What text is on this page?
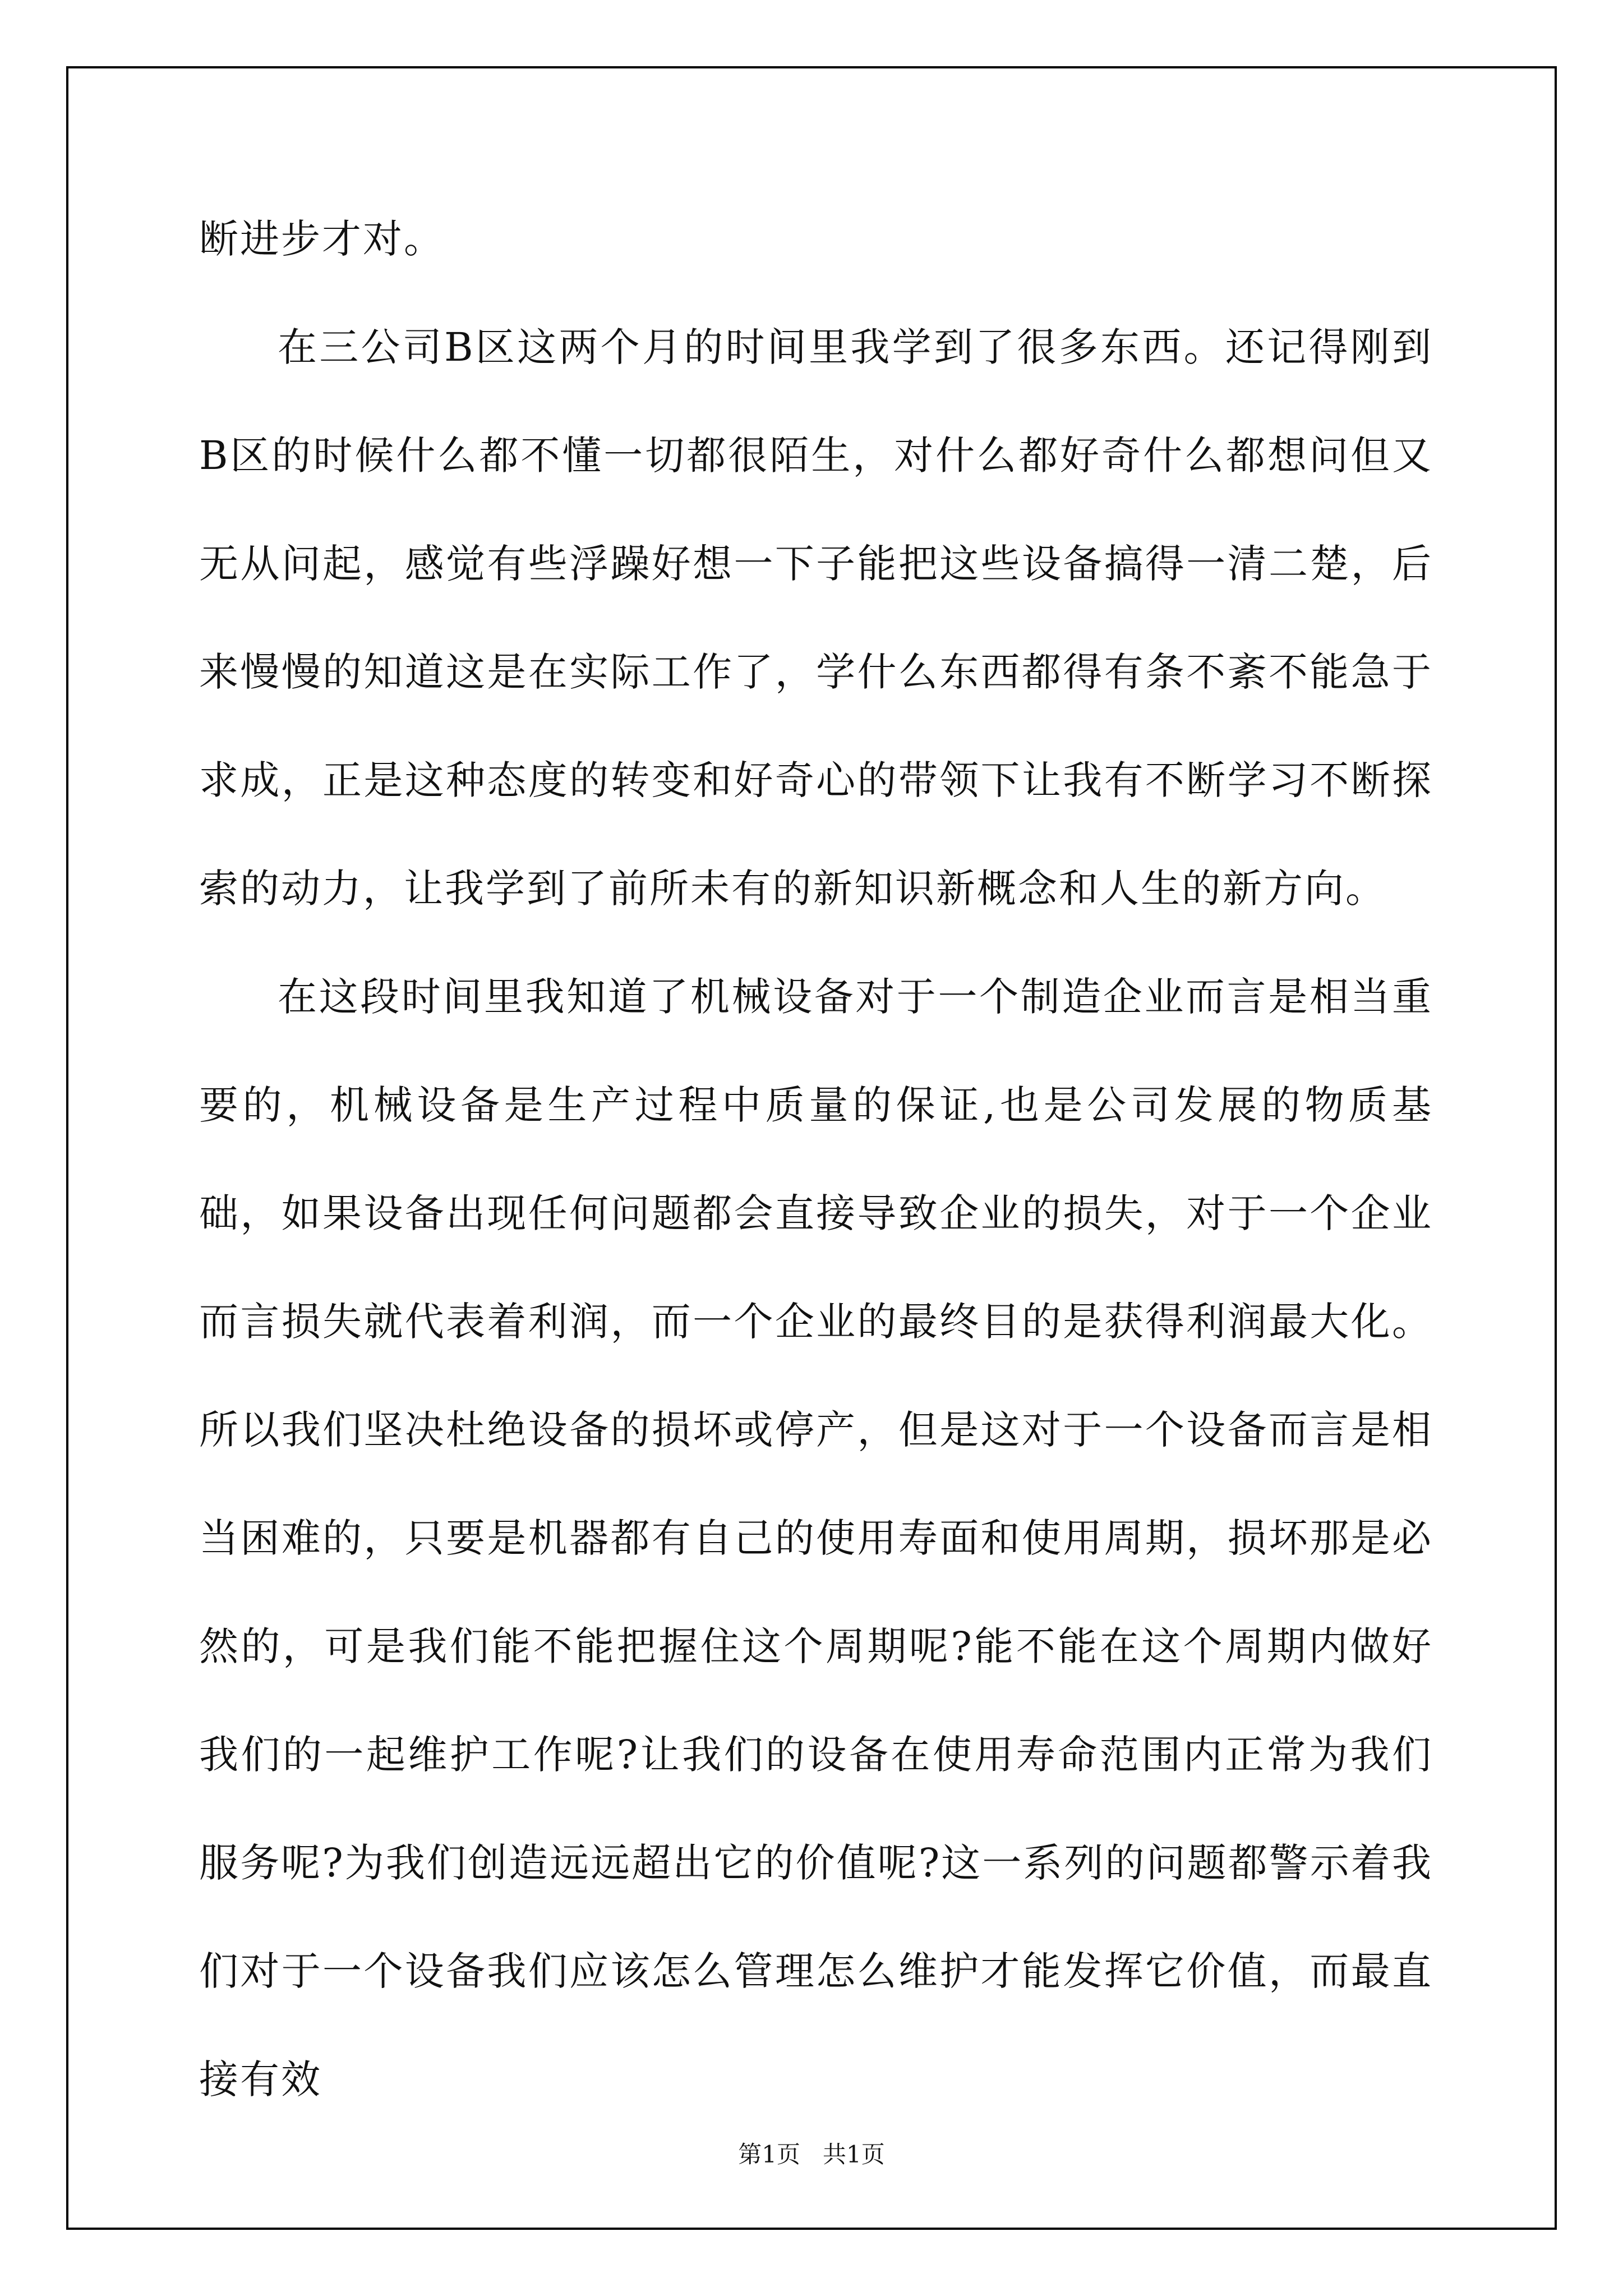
断进步才对。

在三公司B区这两个月的时间里我学到了很多东西。还记得刚到B区的时候什么都不懂一切都很陌生，对什么都好奇什么都想问但又无从问起，感觉有些浮躁好想一下子能把这些设备搞得一清二楚，后来慢慢的知道这是在实际工作了，学什么东西都得有条不紊不能急于求成，正是这种态度的转变和好奇心的带领下让我有不断学习不断探索的动力，让我学到了前所未有的新知识新概念和人生的新方向。

在这段时间里我知道了机械设备对于一个制造企业而言是相当重要的，机械设备是生产过程中质量的保证,也是公司发展的物质基础，如果设备出现任何问题都会直接导致企业的损失，对于一个企业而言损失就代表着利润，而一个企业的最终目的是获得利润最大化。所以我们坚决杜绝设备的损坏或停产，但是这对于一个设备而言是相当困难的，只要是机器都有自己的使用寿面和使用周期，损坏那是必然的，可是我们能不能把握住这个周期呢?能不能在这个周期内做好我们的一起维护工作呢?让我们的设备在使用寿命范围内正常为我们服务呢?为我们创造远远超出它的价值呢?这一系列的问题都警示着我们对于一个设备我们应该怎么管理怎么维护才能发挥它价值，而最直接有效

第1页 共1页
